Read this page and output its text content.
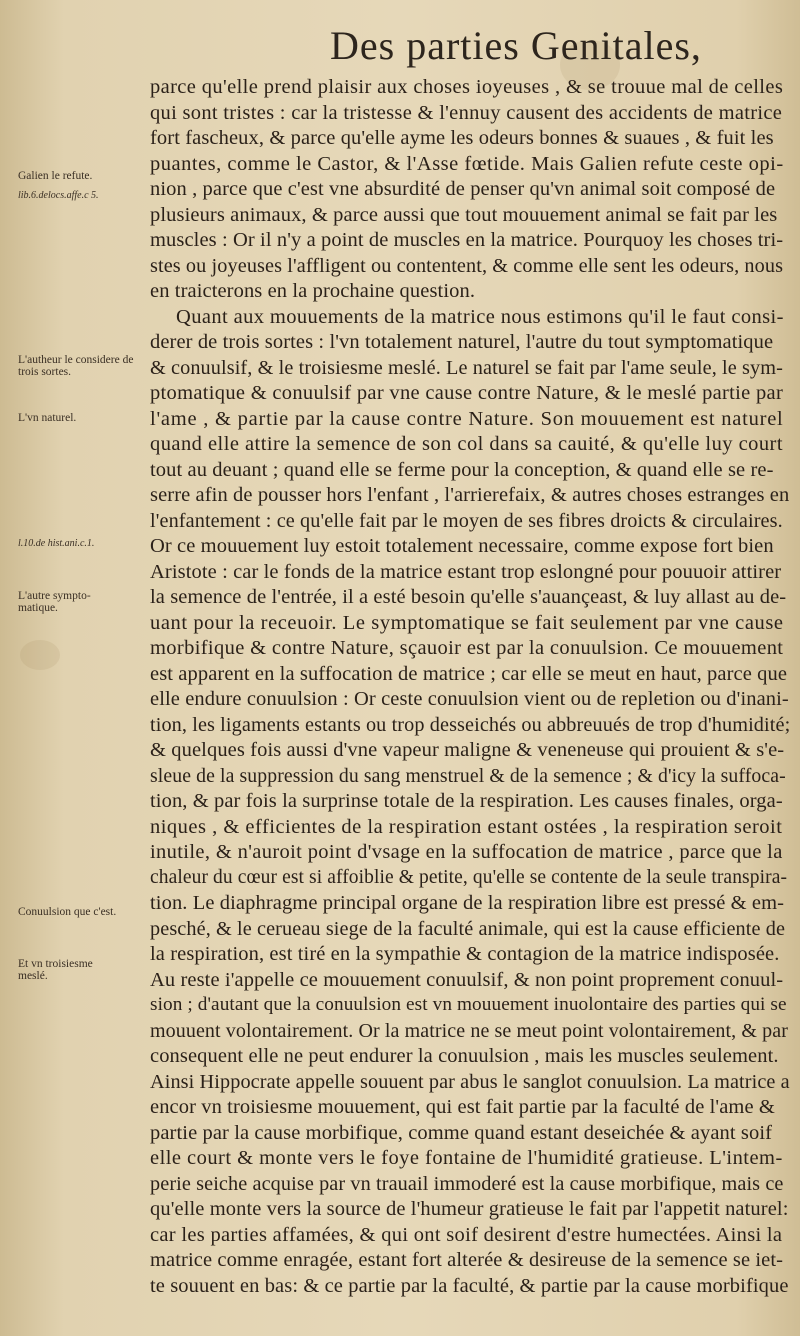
Des parties Genitales,
Galien le refute.
lib.6.delocs.affe.c 5.
L'autheur le considere de trois sortes.
L'vn naturel.
l.10.de hist.ani.c.1.
L'autre sympto-matique.
Conuulsion que c'est.
Et vn troisiesme meslé.
parce qu'elle prend plaisir aux choses ioyeuses , & se trouue mal de celles
qui sont tristes : car la tristesse & l'ennuy causent des accidents de matrice
fort fascheux, & parce qu'elle ayme les odeurs bonnes & suaues , & fuit les
puantes, comme le Castor, & l'Asse fœtide. Mais Galien refute ceste opi-
nion , parce que c'est vne absurdité de penser qu'vn animal soit composé de
plusieurs animaux, & parce aussi que tout mouuement animal se fait par les
muscles : Or il n'y a point de muscles en la matrice. Pourquoy les choses tri-
stes ou joyeuses l'affligent ou contentent, & comme elle sent les odeurs, nous
en traicterons en la prochaine question.
Quant aux mouuements de la matrice nous estimons qu'il le faut consi-
derer de trois sortes : l'vn totalement naturel, l'autre du tout symptomatique
& conuulsif, & le troisiesme meslé. Le naturel se fait par l'ame seule, le sym-
ptomatique & conuulsif par vne cause contre Nature, & le meslé partie par
l'ame , & partie par la cause contre Nature. Son mouuement est naturel
quand elle attire la semence de son col dans sa cauité, & qu'elle luy court
tout au deuant ; quand elle se ferme pour la conception, & quand elle se re-
serre afin de pousser hors l'enfant , l'arrierefaix, & autres choses estranges en
l'enfantement : ce qu'elle fait par le moyen de ses fibres droicts & circulaires.
Or ce mouuement luy estoit totalement necessaire, comme expose fort bien
Aristote : car le fonds de la matrice estant trop eslongné pour pouuoir attirer
la semence de l'entrée, il a esté besoin qu'elle s'auançeast, & luy allast au de-
uant pour la receuoir. Le symptomatique se fait seulement par vne cause
morbifique & contre Nature, sçauoir est par la conuulsion. Ce mouuement
est apparent en la suffocation de matrice ; car elle se meut en haut, parce que
elle endure conuulsion : Or ceste conuulsion vient ou de repletion ou d'inani-
tion, les ligaments estants ou trop desseichés ou abbreuués de trop d'humidité;
& quelques fois aussi d'vne vapeur maligne & veneneuse qui prouient & s'e-
sleue de la suppression du sang menstruel & de la semence ; & d'icy la suffoca-
tion, & par fois la surprinse totale de la respiration. Les causes finales, orga-
niques , & efficientes de la respiration estant ostées , la respiration seroit
inutile, & n'auroit point d'vsage en la suffocation de matrice , parce que la
chaleur du cœur est si affoiblie & petite, qu'elle se contente de la seule transpira-
tion. Le diaphragme principal organe de la respiration libre est pressé & em-
pesché, & le cerueau siege de la faculté animale, qui est la cause efficiente de
la respiration, est tiré en la sympathie & contagion de la matrice indisposée.
Au reste i'appelle ce mouuement conuulsif, & non point proprement conuul-
sion ; d'autant que la conuulsion est vn mouuement inuolontaire des parties qui se
mouuent volontairement. Or la matrice ne se meut point volontairement, & par
consequent elle ne peut endurer la conuulsion , mais les muscles seulement.
Ainsi Hippocrate appelle souuent par abus le sanglot conuulsion. La matrice a
encor vn troisiesme mouuement, qui est fait partie par la faculté de l'ame &
partie par la cause morbifique, comme quand estant deseichée & ayant soif
elle court & monte vers le foye fontaine de l'humidité gratieuse. L'intem-
perie seiche acquise par vn trauail immoderé est la cause morbifique, mais ce
qu'elle monte vers la source de l'humeur gratieuse le fait par l'appetit naturel:
car les parties affamées, & qui ont soif desirent d'estre humectées. Ainsi la
matrice comme enragée, estant fort alterée & desireuse de la semence se iet-
te souuent en bas: & ce partie par la faculté, & partie par la cause morbifique
